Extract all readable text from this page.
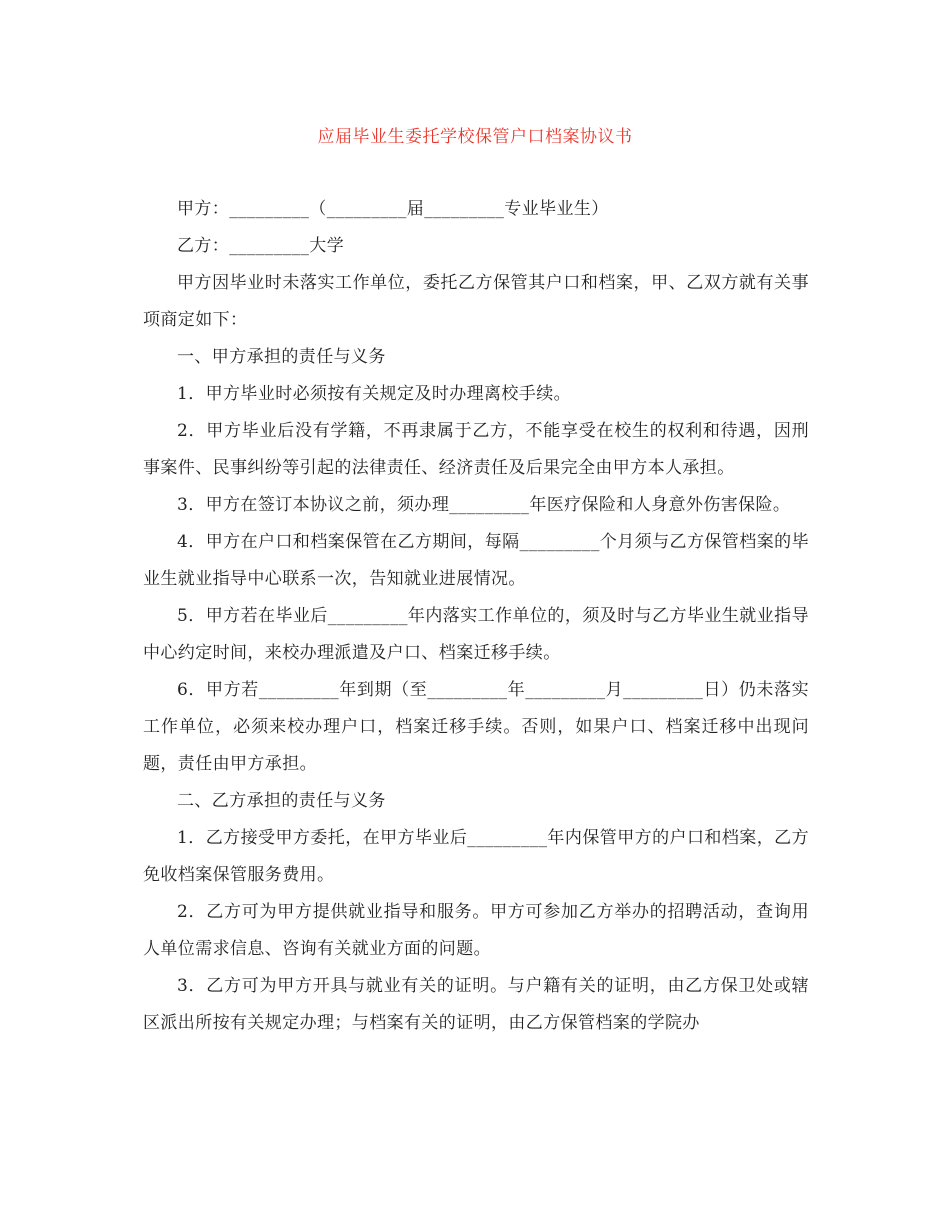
应届毕业生委托学校保管户口档案协议书

甲方：_________（_________届_________专业毕业生）

乙方：_________大学

甲方因毕业时未落实工作单位，委托乙方保管其户口和档案，甲、乙双方就有关事项商定如下：

一、甲方承担的责任与义务

1．甲方毕业时必须按有关规定及时办理离校手续。

2．甲方毕业后没有学籍，不再隶属于乙方，不能享受在校生的权利和待遇，因刑事案件、民事纠纷等引起的法律责任、经济责任及后果完全由甲方本人承担。

3．甲方在签订本协议之前，须办理_________年医疗保险和人身意外伤害保险。

4．甲方在户口和档案保管在乙方期间，每隔_________个月须与乙方保管档案的毕业生就业指导中心联系一次，告知就业进展情况。

5．甲方若在毕业后_________年内落实工作单位的，须及时与乙方毕业生就业指导中心约定时间，来校办理派遣及户口、档案迁移手续。

6．甲方若_________年到期（至_________年_________月_________日）仍未落实工作单位，必须来校办理户口，档案迁移手续。否则，如果户口、档案迁移中出现问题，责任由甲方承担。

二、乙方承担的责任与义务

1．乙方接受甲方委托，在甲方毕业后_________年内保管甲方的户口和档案，乙方免收档案保管服务费用。

2．乙方可为甲方提供就业指导和服务。甲方可参加乙方举办的招聘活动，查询用人单位需求信息、咨询有关就业方面的问题。

3．乙方可为甲方开具与就业有关的证明。与户籍有关的证明，由乙方保卫处或辖区派出所按有关规定办理；与档案有关的证明，由乙方保管档案的学院办
